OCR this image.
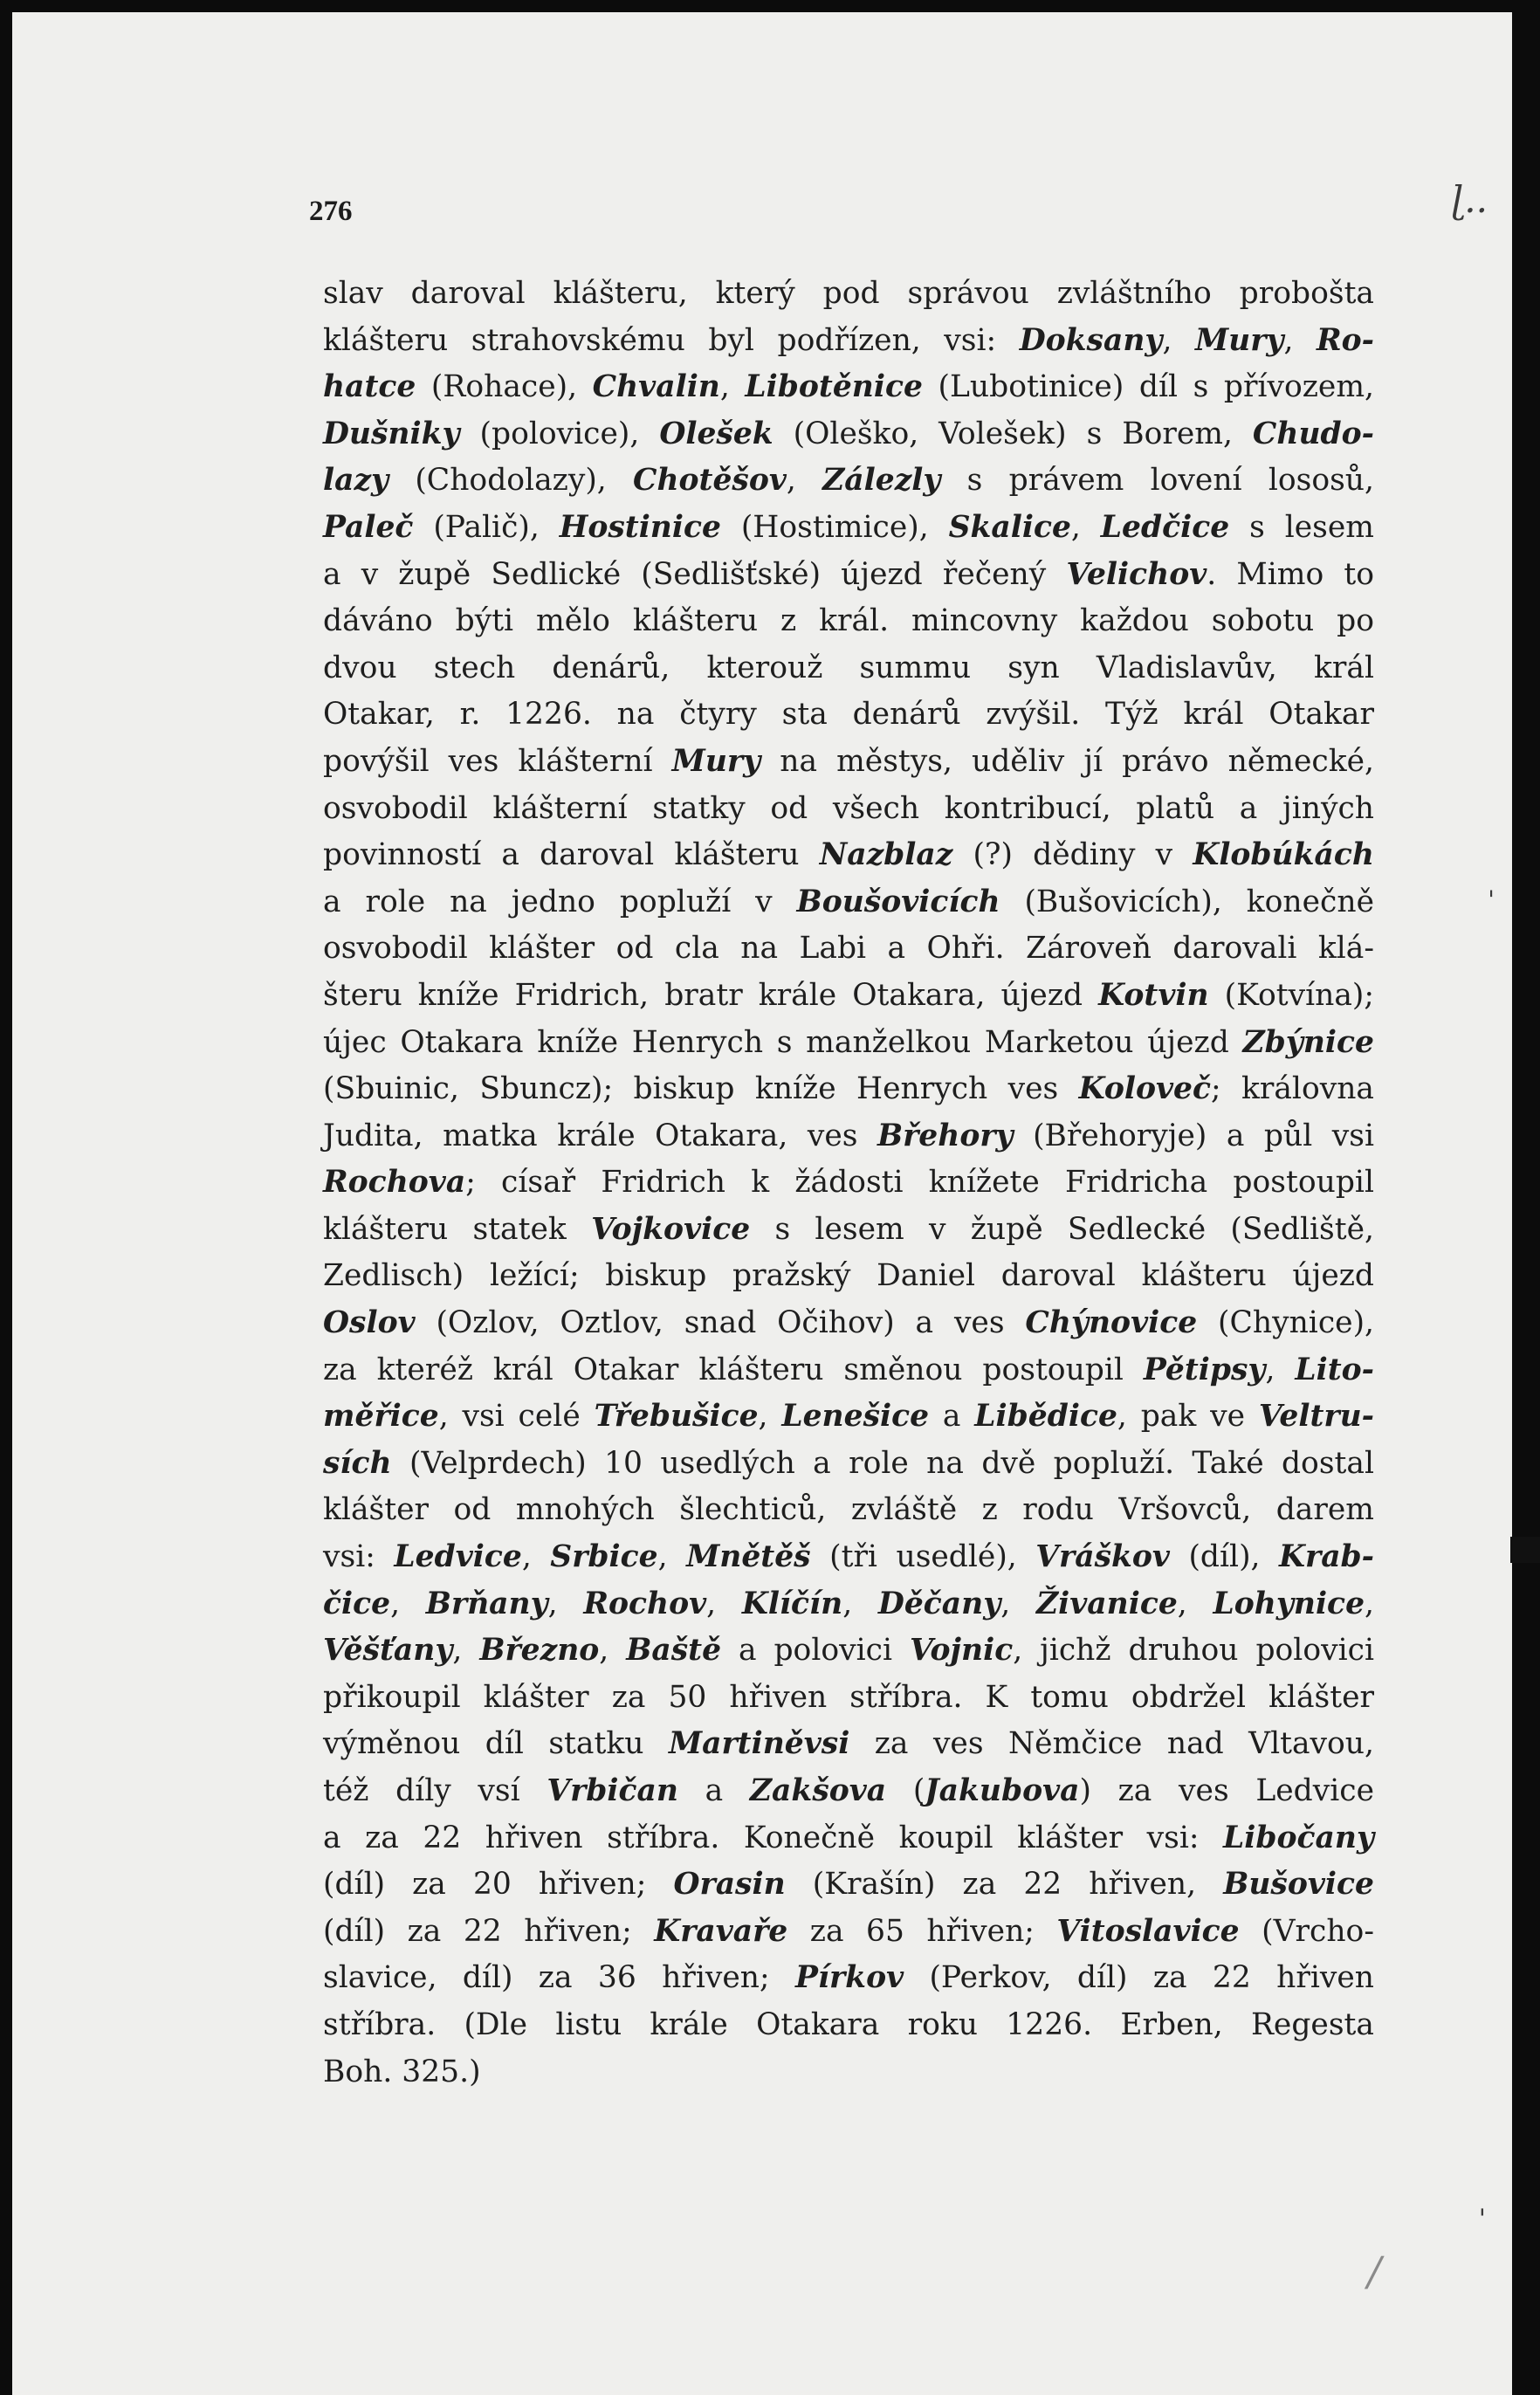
276
slav daroval klášteru, který pod správou zvláštního proboštа
klášteru strahovskému byl podřízen, vsi: Doksany, Mury, Ro-
hatce (Rohace), Chvalin, Libotěnice (Lubotinice) díl s přívozem,
Dušniky (polovice), Olešek (Oleško, Volešek) s Borem, Chudo-
lazy (Chodolazy), Chotěšov, Zálezly s právem lovení lososů,
Paleč (Palič), Hostinice (Hostimice), Skalice, Ledčice s lesem
a v župě Sedlické (Sedlišťské) újezd řečený Velichov. Mimo to
dáváno býti mělo klášteru z král. mincovny každou sobotu po
dvou stech denárů, kterouž summu syn Vladislavův, král
Otakar, r. 1226. na čtyry sta denárů zvýšil. Týž král Otakar
povýšil ves klášterní Mury na městys, uděliv jí právo německé,
osvobodil klášterní statky od všech kontribucí, platů a jiných
povinností a daroval klášteru Nazblaz (?) dědiny v Klobúkách
a role na jedno popluží v Boušovicích (Bušovicích), konečně
osvobodil klášter od cla na Labi a Ohři. Zároveň darovali klá-
šteru kníže Fridrich, bratr krále Otakara, újezd Kotvin (Kotvína);
újec Otakara kníže Henrych s manželkou Marketou újezd Zbýnice
(Sbuinic, Sbuncz); biskup kníže Henrych ves Koloveč; královna
Judita, matka krále Otakara, ves Břehory (Břehoryje) a půl vsi
Rochova; císař Fridrich k žádosti knížete Fridricha postoupil
klášteru statek Vojkovice s lesem v župě Sedlecké (Sedliště,
Zedlisch) ležící; biskup pražský Daniel daroval klášteru újezd
Oslov (Ozlov, Oztlov, snad Očihov) a ves Chýnovice (Chynice),
za kteréž král Otakar klášteru směnou postoupil Pětipsy, Lito-
měřice, vsi celé Třebušice, Lenešice a Libědice, pak ve Veltru-
sích (Velprdech) 10 usedlých a role na dvě popluží. Také dostal
klášter od mnohých šlechticů, zvláště z rodu Vršovců, darem
vsi: Ledvice, Srbice, Mnětěš (tři usedlé), Vráškov (díl), Krab-
čice, Brňany, Rochov, Klíčín, Děčany, Živanice, Lohynice,
Věšťany, Březno, Baště a polovici Vojnic, jichž druhou polovici
přikoupil klášter za 50 hřiven stříbra. K tomu obdržel klášter
výměnou díl statku Martiněvsi za ves Němčice nad Vltavou,
též díly vsí Vrbičan a Zakšova (Jakubova) za ves Ledvice
a za 22 hřiven stříbra. Konečně koupil klášter vsi: Libočany
(díl) za 20 hřiven; Orasin (Krašín) za 22 hřiven, Bušovice
(díl) za 22 hřiven; Kravaře za 65 hřiven; Vitoslavice (Vrcho-
slavice, díl) za 36 hřiven; Pírkov (Perkov, díl) za 22 hřiven
stříbra. (Dle listu krále Otakara roku 1226. Erben, Regesta
Boh. 325.)
ɭ..
'
'
/
